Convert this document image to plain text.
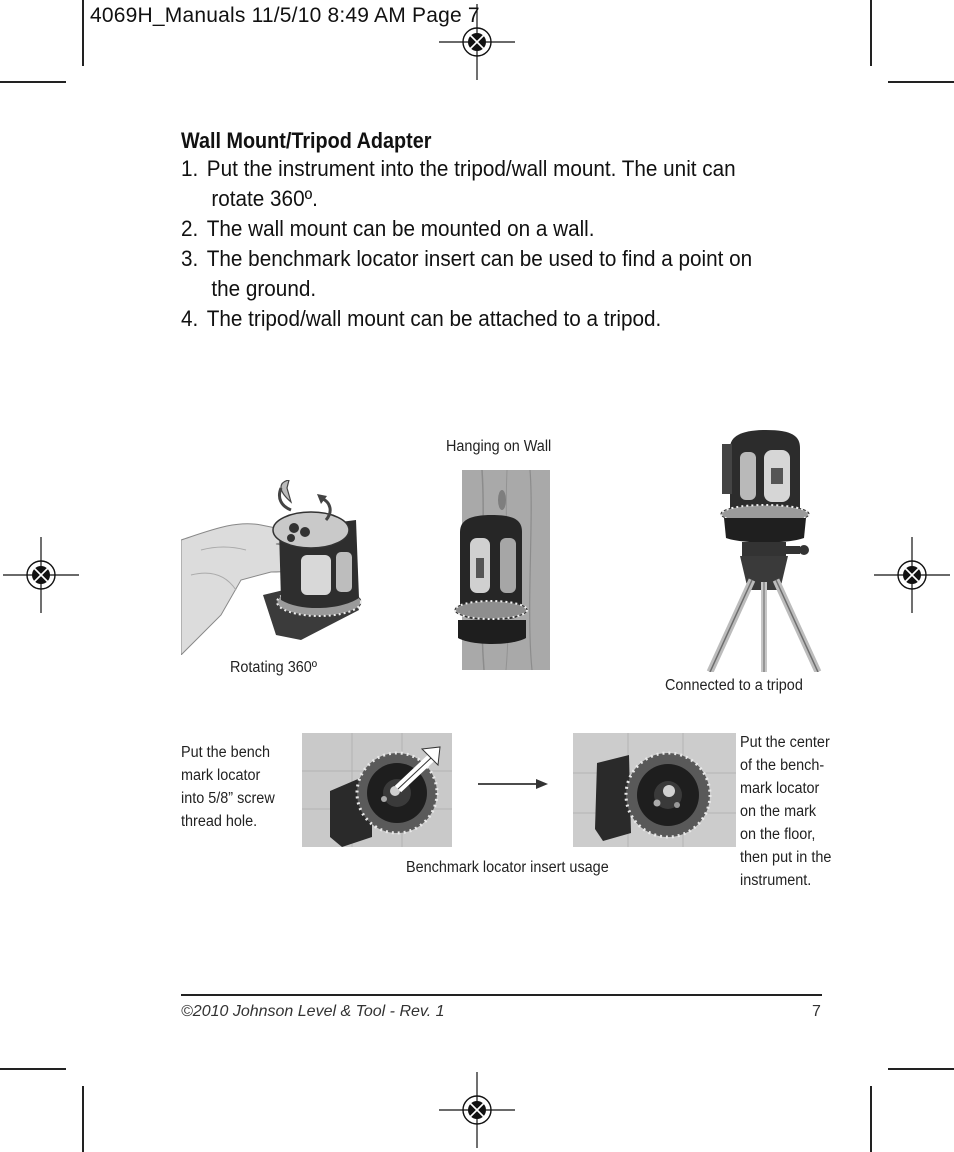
4069H_Manuals 11/5/10 8:49 AM Page 7
Wall Mount/Tripod Adapter
1. Put the instrument into the tripod/wall mount. The unit can
rotate 360º.
2. The wall mount can be mounted on a wall.
3. The benchmark locator insert can be used to find a point on
the ground.
4. The tripod/wall mount can be attached to a tripod.
Rotating 360º
Hanging on Wall
Connected to a tripod
Put the bench
mark locator
into 5/8” screw
thread hole.
Put the center
of the bench-
mark locator
on the mark
on the floor,
then put in the
instrument.
Benchmark locator insert usage
©2010 Johnson Level & Tool - Rev. 1	7
